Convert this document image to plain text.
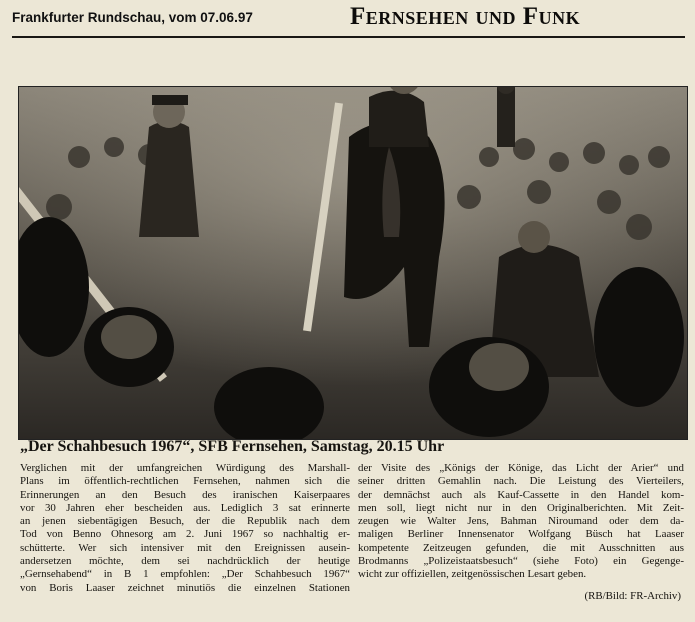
Frankfurter Rundschau, vom 07.06.97	Fernsehen und Funk
„Der Schahbesuch 1967“, SFB Fernsehen, Samstag, 20.15 Uhr
Verglichen mit der umfangreichen Würdigung des Marshall-
Plans im öffentlich-rechtlichen Fernsehen, nahmen sich die
Erinnerungen an den Besuch des iranischen Kaiserpaares
vor 30 Jahren eher bescheiden aus. Lediglich 3 sat erinnerte
an jenen siebentägigen Besuch, der die Republik nach dem
Tod von Benno Ohnesorg am 2. Juni 1967 so nachhaltig er-
schütterte. Wer sich intensiver mit den Ereignissen ausein-
andersetzen möchte, dem sei nachdrücklich der heutige
„Gernsehabend“ in B 1 empfohlen: „Der Schahbesuch 1967“
von Boris Laaser zeichnet minutiös die einzelnen Stationen
der Visite des „Königs der Könige, das Licht der Arier“ und
seiner dritten Gemahlin nach. Die Leistung des Vierteilers,
der demnächst auch als Kauf-Cassette in den Handel kom-
men soll, liegt nicht nur in den Originalberichten. Mit Zeit-
zeugen wie Walter Jens, Bahman Niroumand oder dem da-
maligen Berliner Innensenator Wolfgang Büsch hat Laaser
kompetente Zeitzeugen gefunden, die mit Ausschnitten aus
Brodmanns „Polizeistaatsbesuch“ (siehe Foto) ein Gegenge-
wicht zur offiziellen, zeitgenössischen Lesart geben.
(RB/Bild: FR-Archiv)
